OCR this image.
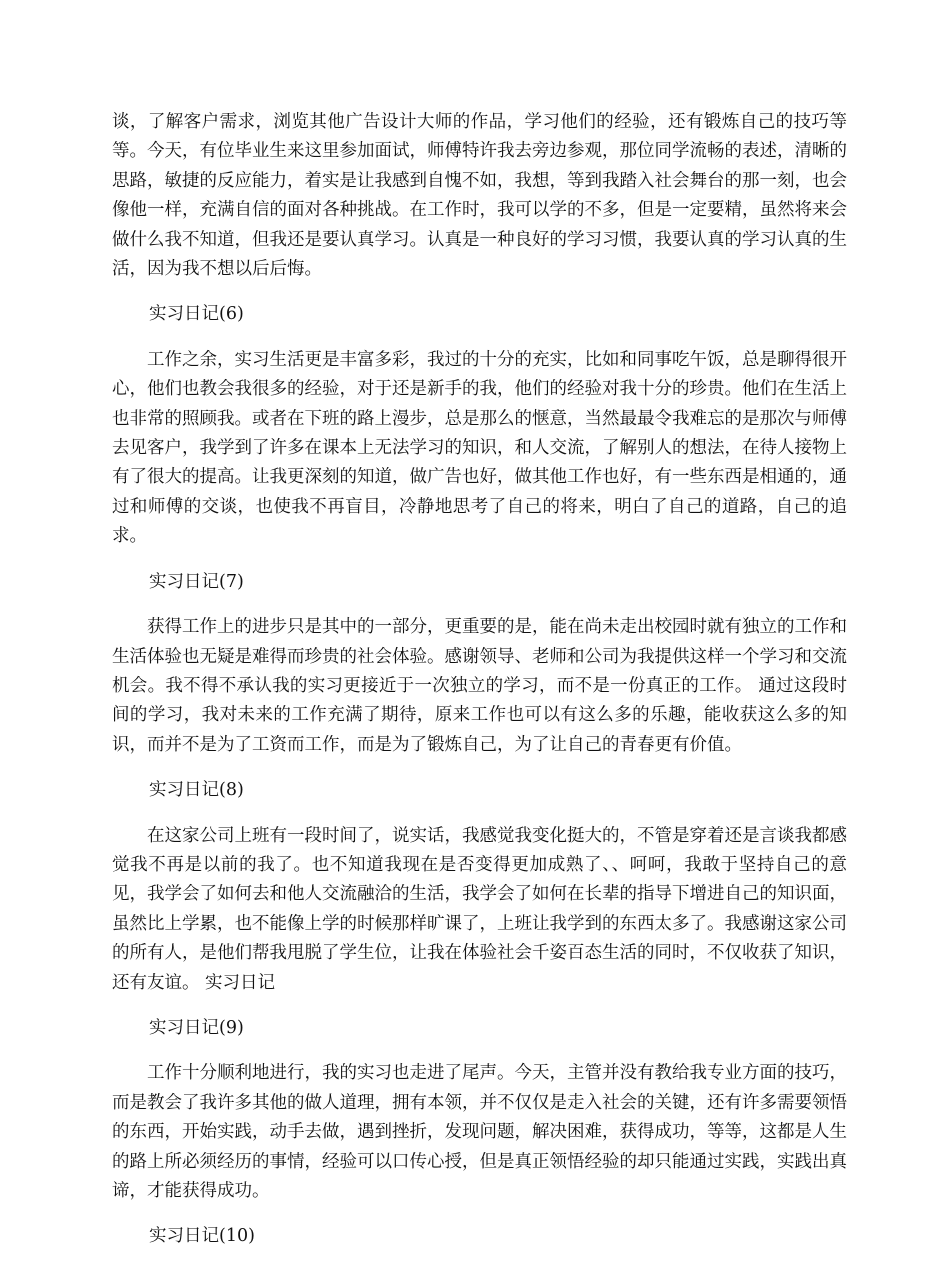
谈，了解客户需求，浏览其他广告设计大师的作品，学习他们的经验，还有锻炼自己的技巧等等。今天，有位毕业生来这里参加面试，师傅特许我去旁边参观，那位同学流畅的表述，清晰的思路，敏捷的反应能力，着实是让我感到自愧不如，我想，等到我踏入社会舞台的那一刻，也会像他一样，充满自信的面对各种挑战。在工作时，我可以学的不多，但是一定要精，虽然将来会做什么我不知道，但我还是要认真学习。认真是一种良好的学习习惯，我要认真的学习认真的生活，因为我不想以后后悔。

实习日记(6)

工作之余，实习生活更是丰富多彩，我过的十分的充实，比如和同事吃午饭，总是聊得很开心，他们也教会我很多的经验，对于还是新手的我，他们的经验对我十分的珍贵。他们在生活上也非常的照顾我。或者在下班的路上漫步，总是那么的惬意，当然最最令我难忘的是那次与师傅去见客户，我学到了许多在课本上无法学习的知识，和人交流，了解别人的想法，在待人接物上有了很大的提高。让我更深刻的知道，做广告也好，做其他工作也好，有一些东西是相通的，通过和师傅的交谈，也使我不再盲目，冷静地思考了自己的将来，明白了自己的道路，自己的追求。

实习日记(7)

获得工作上的进步只是其中的一部分，更重要的是，能在尚未走出校园时就有独立的工作和生活体验也无疑是难得而珍贵的社会体验。感谢领导、老师和公司为我提供这样一个学习和交流机会。我不得不承认我的实习更接近于一次独立的学习，而不是一份真正的工作。 通过这段时间的学习，我对未来的工作充满了期待，原来工作也可以有这么多的乐趣，能收获这么多的知识，而并不是为了工资而工作，而是为了锻炼自己，为了让自己的青春更有价值。

实习日记(8)

在这家公司上班有一段时间了，说实话，我感觉我变化挺大的，不管是穿着还是言谈我都感觉我不再是以前的我了。也不知道我现在是否变得更加成熟了、、呵呵，我敢于坚持自己的意见，我学会了如何去和他人交流融洽的生活，我学会了如何在长辈的指导下增进自己的知识面，虽然比上学累，也不能像上学的时候那样旷课了，上班让我学到的东西太多了。我感谢这家公司的所有人，是他们帮我甩脱了学生位，让我在体验社会千姿百态生活的同时，不仅收获了知识，还有友谊。 实习日记

实习日记(9)

工作十分顺利地进行，我的实习也走进了尾声。今天，主管并没有教给我专业方面的技巧，而是教会了我许多其他的做人道理，拥有本领，并不仅仅是走入社会的关键，还有许多需要领悟的东西，开始实践，动手去做，遇到挫折，发现问题，解决困难，获得成功，等等，这都是人生的路上所必须经历的事情，经验可以口传心授，但是真正领悟经验的却只能通过实践，实践出真谛，才能获得成功。

实习日记(10)
